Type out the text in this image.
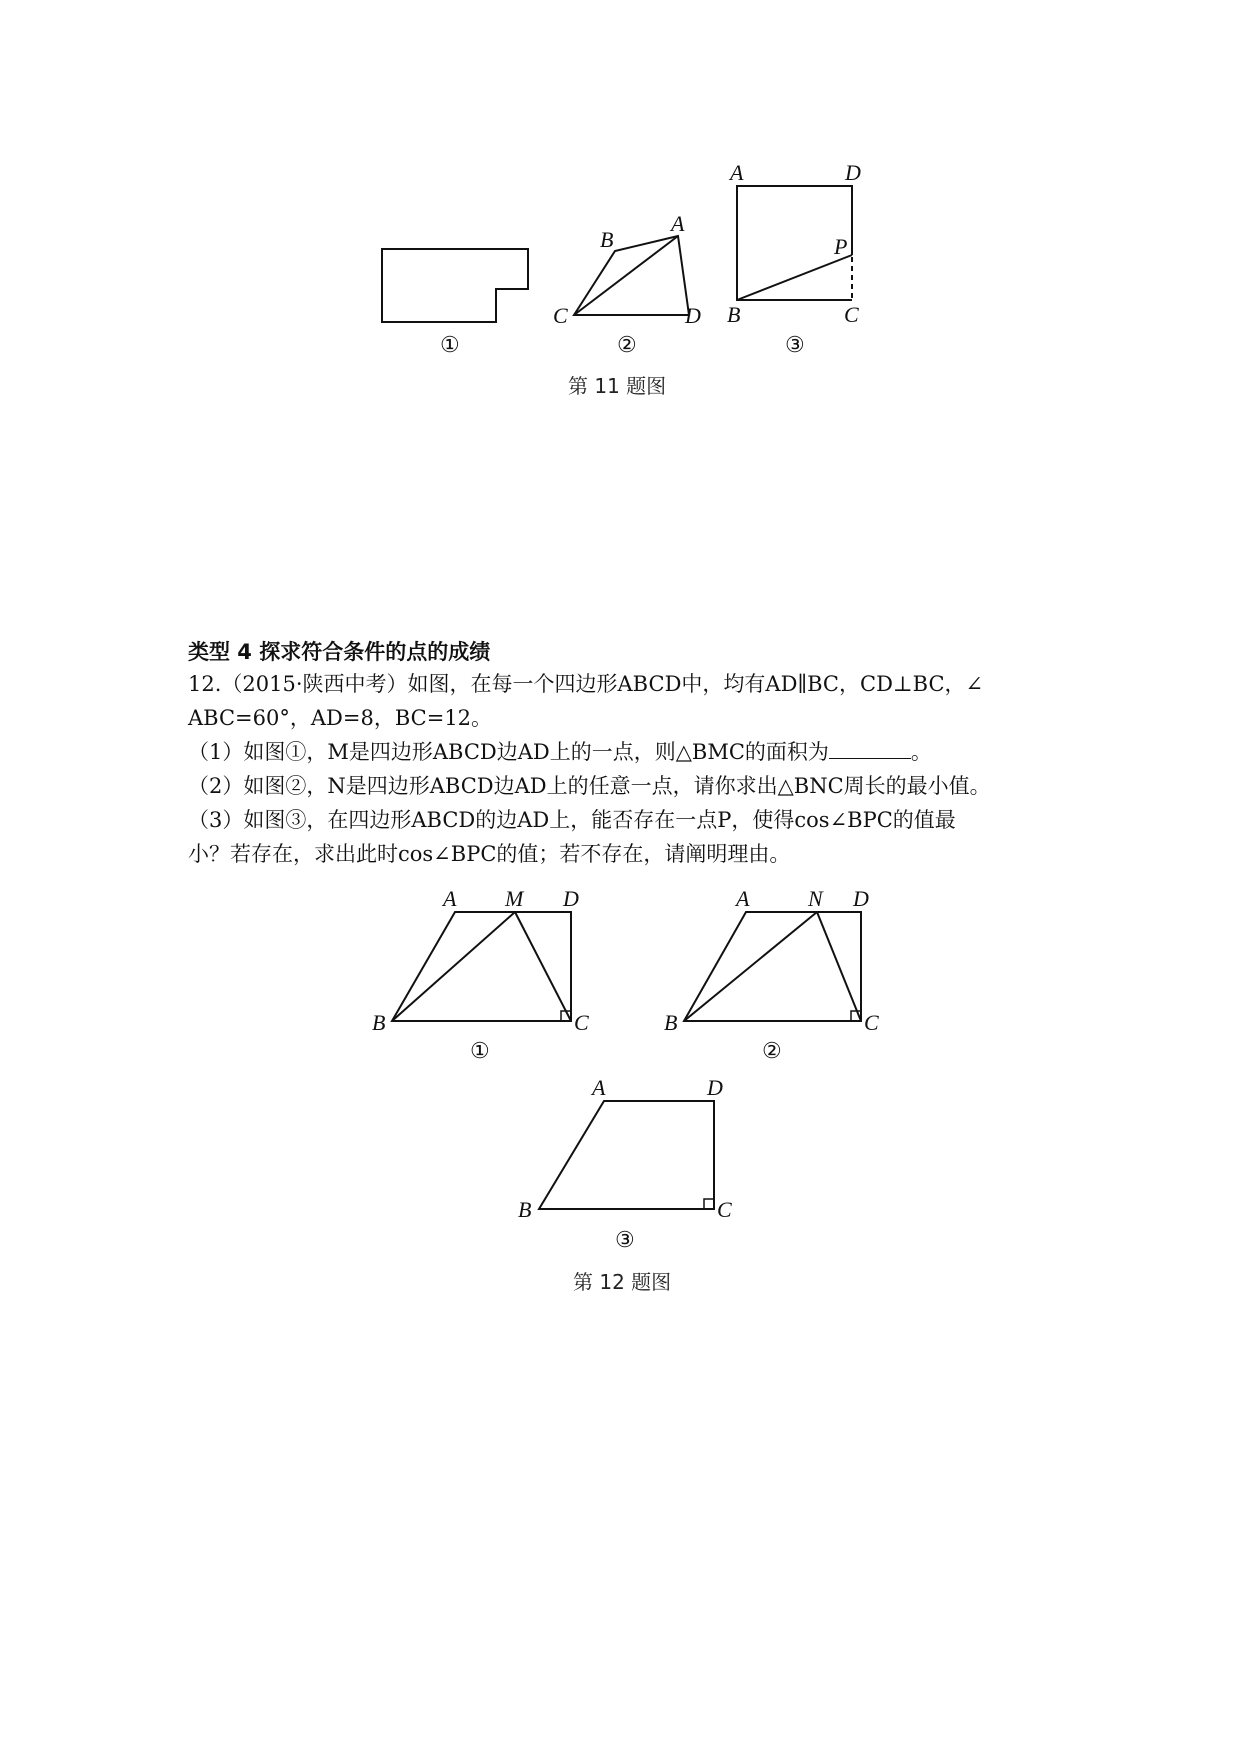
B
A
C	D
A	D
P
B	C
①	②	③
第 11 题图
类型 4 探求符合条件的点的成绩
12.（2015·陕西中考）如图，在每一个四边形ABCD中，均有AD∥BC，CD⊥BC，∠
ABC=60°，AD=8，BC=12。
（1）如图①，M是四边形ABCD边AD上的一点，则△BMC的面积为	。
（2）如图②，N是四边形ABCD边AD上的任意一点，请你求出△BNC周长的最小值。
（3）如图③，在四边形ABCD的边AD上，能否存在一点P，使得cos∠BPC的值最
小？若存在，求出此时cos∠BPC的值；若不存在，请阐明理由。
A M D
B	C
①
A	N D
B	C
②
A	D
B	C
③
第 12 题图
